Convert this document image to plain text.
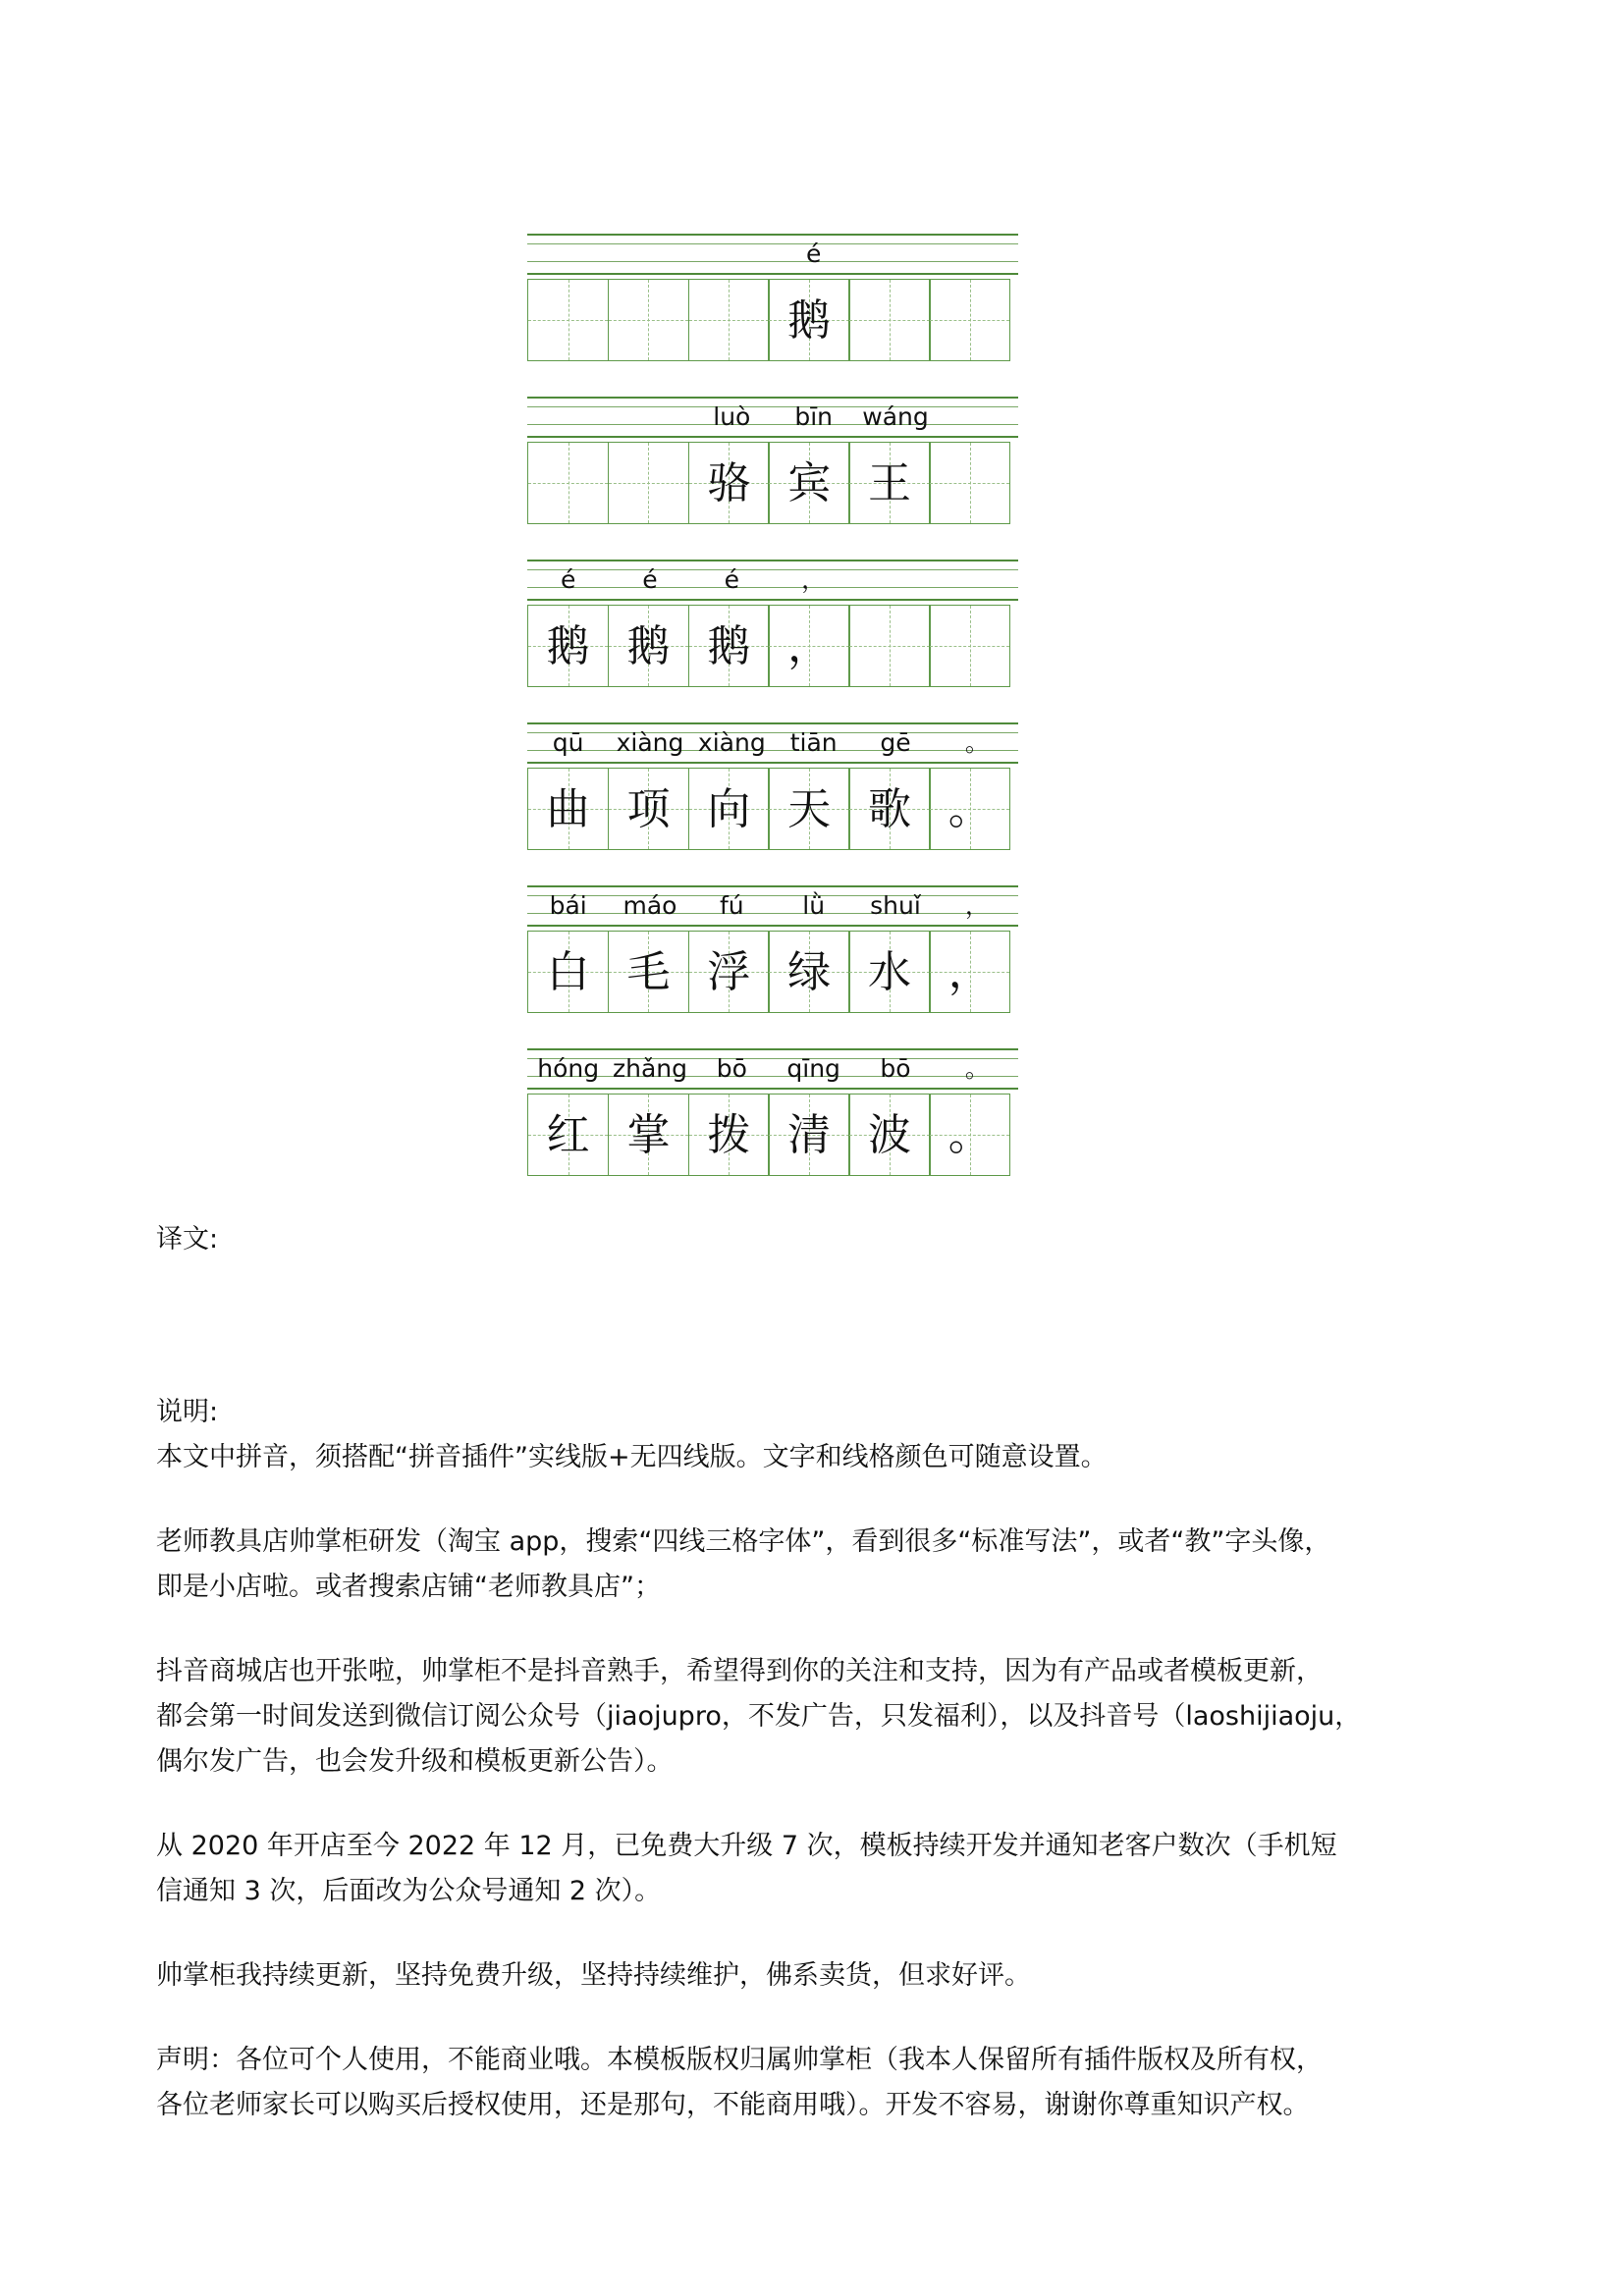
é
鹅
luò	bīn	wáng
骆 宾 王
é	é	é	，
鹅 鹅 鹅 ，
qū	xiàng xiàng	tiān	gē	。
曲 项 向 天 歌 。
bái	máo	fú	lǜ	shuǐ	，
白 毛 浮 绿 水 ，
hóng zhǎng	bō	qīng	bō	。
红 掌 拨 清 波 。
译文:
说明:
本文中拼音，须搭配“拼音插件”实线版+无四线版。文字和线格颜色可随意设置。
老师教具店帅掌柜研发（淘宝 app，搜索“四线三格字体”，看到很多“标准写法”，或者“教”字头像，
即是小店啦。或者搜索店铺“老师教具店”；
抖音商城店也开张啦，帅掌柜不是抖音熟手，希望得到你的关注和支持，因为有产品或者模板更新，
都会第一时间发送到微信订阅公众号（jiaojupro，不发广告，只发福利），以及抖音号（laoshijiaoju，
偶尔发广告，也会发升级和模板更新公告）。
从 2020 年开店至今 2022 年 12 月，已免费大升级 7 次，模板持续开发并通知老客户数次（手机短
信通知 3 次，后面改为公众号通知 2 次）。
帅掌柜我持续更新，坚持免费升级，坚持持续维护，佛系卖货，但求好评。
声明：各位可个人使用，不能商业哦。本模板版权归属帅掌柜（我本人保留所有插件版权及所有权，
各位老师家长可以购买后授权使用，还是那句，不能商用哦）。开发不容易，谢谢你尊重知识产权。
